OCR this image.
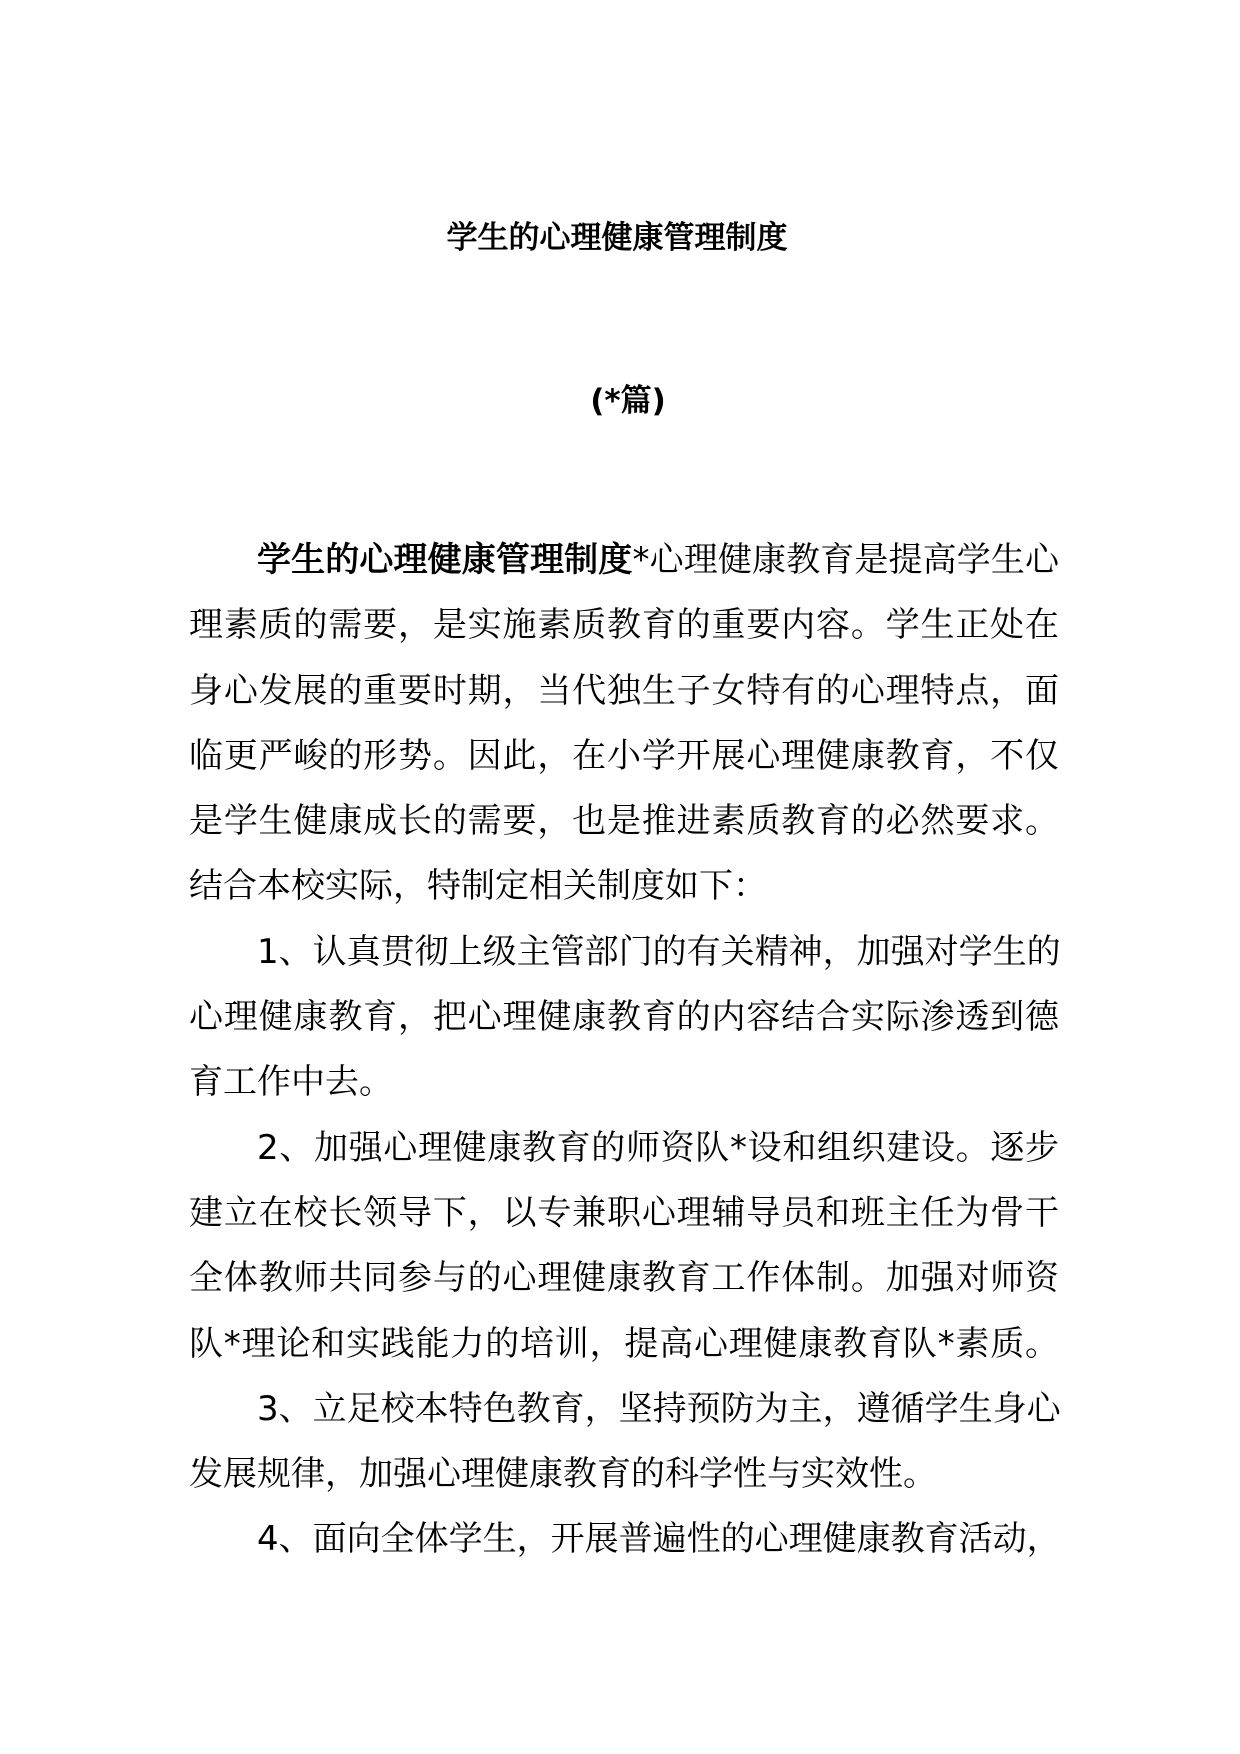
学生的心理健康管理制度
(*篇)
学生的心理健康管理制度*心理健康教育是提高学生心
理素质的需要，是实施素质教育的重要内容。学生正处在
身心发展的重要时期，当代独生子女特有的心理特点，面
临更严峻的形势。因此，在小学开展心理健康教育，不仅
是学生健康成长的需要，也是推进素质教育的必然要求。
结合本校实际，特制定相关制度如下：
1、认真贯彻上级主管部门的有关精神，加强对学生的
心理健康教育，把心理健康教育的内容结合实际渗透到德
育工作中去。
2、加强心理健康教育的师资队*设和组织建设。逐步
建立在校长领导下，以专兼职心理辅导员和班主任为骨干
全体教师共同参与的心理健康教育工作体制。加强对师资
队*理论和实践能力的培训，提高心理健康教育队*素质。
3、立足校本特色教育，坚持预防为主，遵循学生身心
发展规律，加强心理健康教育的科学性与实效性。
4、面向全体学生，开展普遍性的心理健康教育活动，
